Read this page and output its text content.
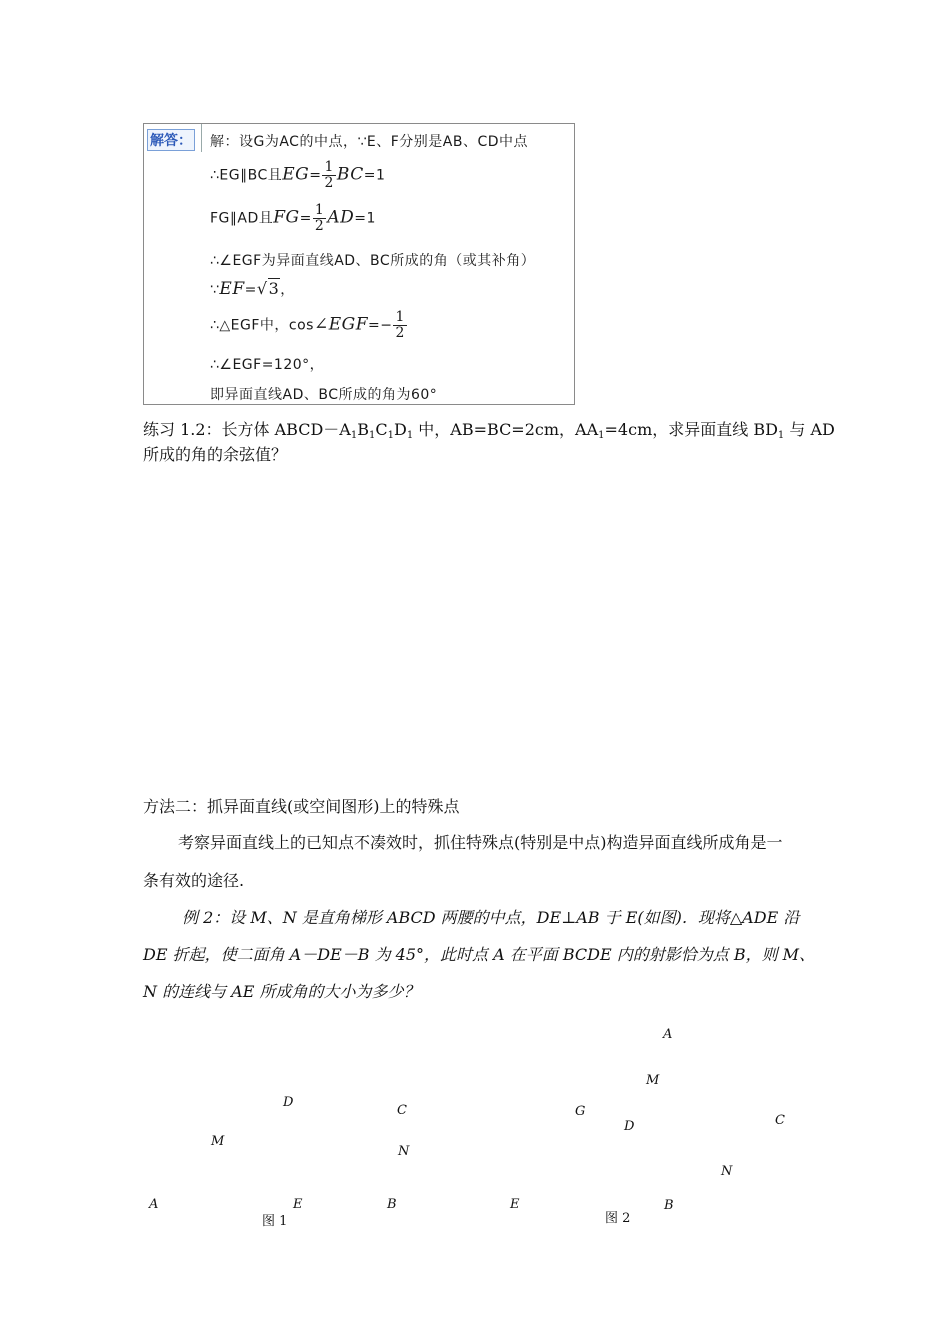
解答： 解：设G为AC的中点，∵E、F分别是AB、CD中点
∴EG∥BC且$EG= \frac{1}{2} BC=1$
FG∥AD且$FG= \frac{1}{2} AD=1$
∴∠EGF为异面直线AD、BC所成的角（或其补角）
∵EF=√3，
∴△EGF中，cos∠EGF=− $\frac{1}{2}$
∴∠EGF=120°，
即异面直线AD、BC所成的角为60°
练习 1.2：长方体 $ABCD-A_1B_1C_1D_1$ 中，AB=BC=2cm，$AA_1=4cm$，求异面直线 $BD_1$ 与 AD
所成的角的余弦值？
方法二：抓异面直线(或空间图形)上的特殊点
考察异面直线上的已知点不凑效时，抓住特殊点(特别是中点)构造异面直线所成角是一
条有效的途径.
例 2：设 M、N 是直角梯形 ABCD 两腰的中点，DE⊥AB 于 E(如图)．现将△ADE 沿
DE 折起，使二面角 A－DE－B 为 45°，此时点 A 在平面 BCDE 内的射影恰为点 B，则 M、
N 的连线与 AE 所成角的大小为多少？
D
C
M
N
A	E	B
图 1
A
M
G
D	C
N
E	B
图 2
